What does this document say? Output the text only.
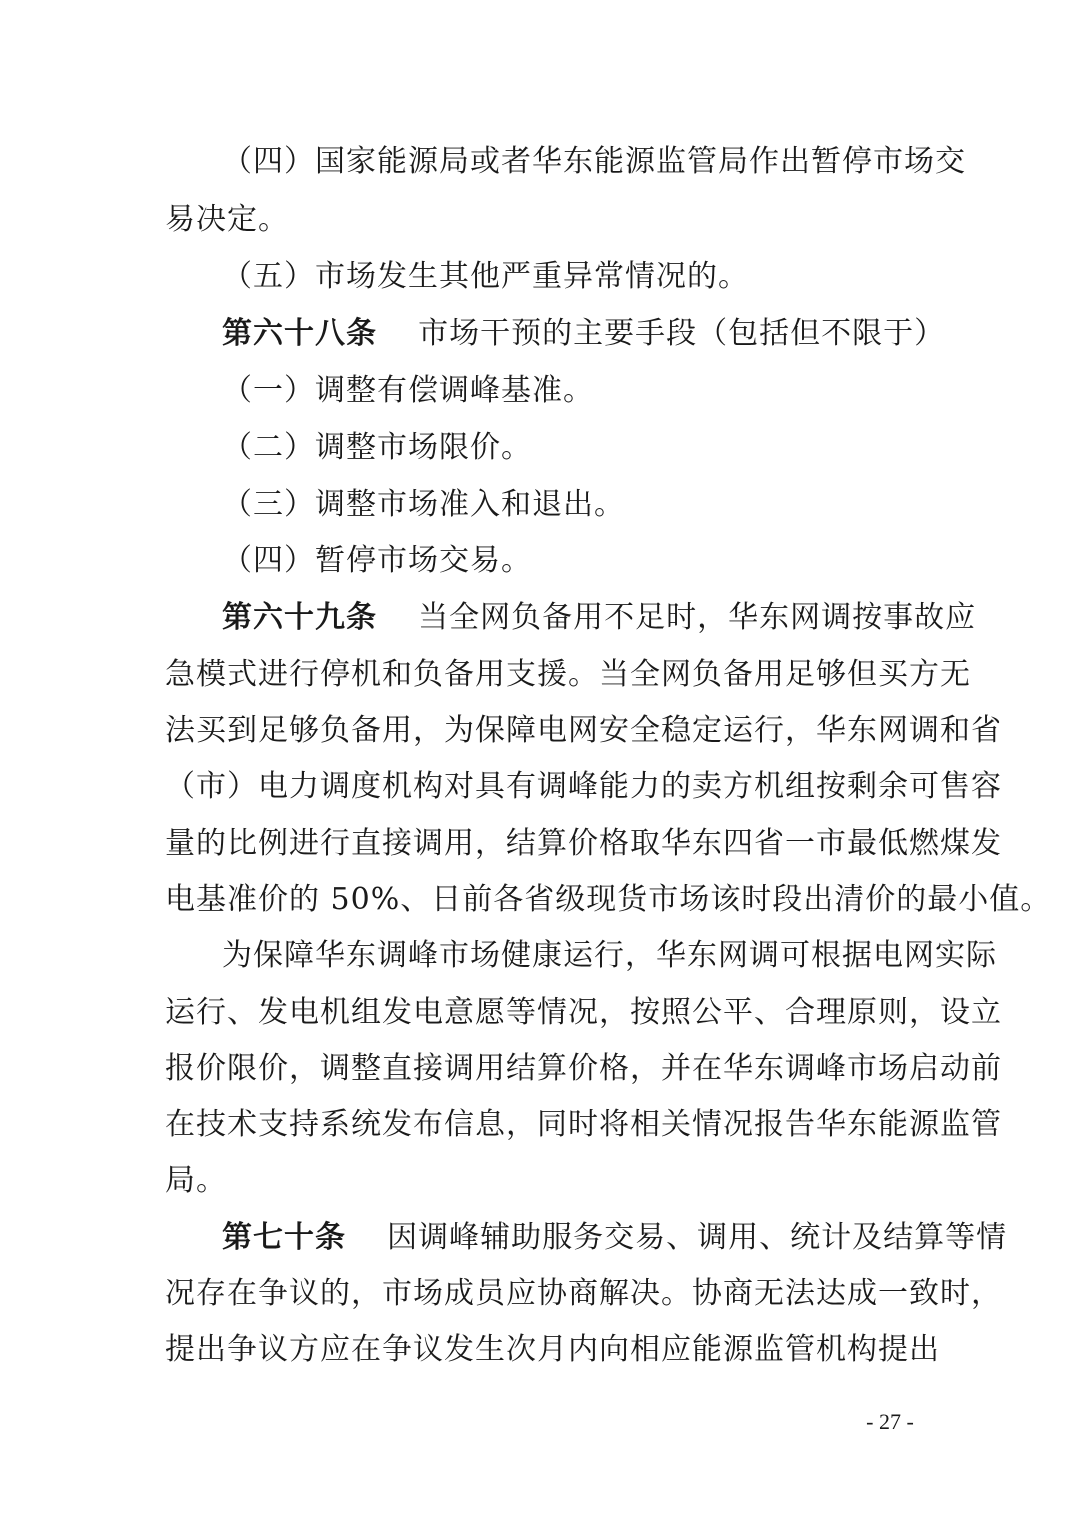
（四）国家能源局或者华东能源监管局作出暂停市场交
易决定。
（五）市场发生其他严重异常情况的。
第六十八条 市场干预的主要手段（包括但不限于）
（一）调整有偿调峰基准。
（二）调整市场限价。
（三）调整市场准入和退出。
（四）暂停市场交易。
第六十九条 当全网负备用不足时，华东网调按事故应
急模式进行停机和负备用支援。当全网负备用足够但买方无
法买到足够负备用，为保障电网安全稳定运行，华东网调和省
（市）电力调度机构对具有调峰能力的卖方机组按剩余可售容
量的比例进行直接调用，结算价格取华东四省一市最低燃煤发
电基准价的 50%、日前各省级现货市场该时段出清价的最小值。
为保障华东调峰市场健康运行，华东网调可根据电网实际
运行、发电机组发电意愿等情况，按照公平、合理原则，设立
报价限价，调整直接调用结算价格，并在华东调峰市场启动前
在技术支持系统发布信息，同时将相关情况报告华东能源监管
局。
第七十条 因调峰辅助服务交易、调用、统计及结算等情
况存在争议的，市场成员应协商解决。协商无法达成一致时，
提出争议方应在争议发生次月内向相应能源监管机构提出
- 27 -
